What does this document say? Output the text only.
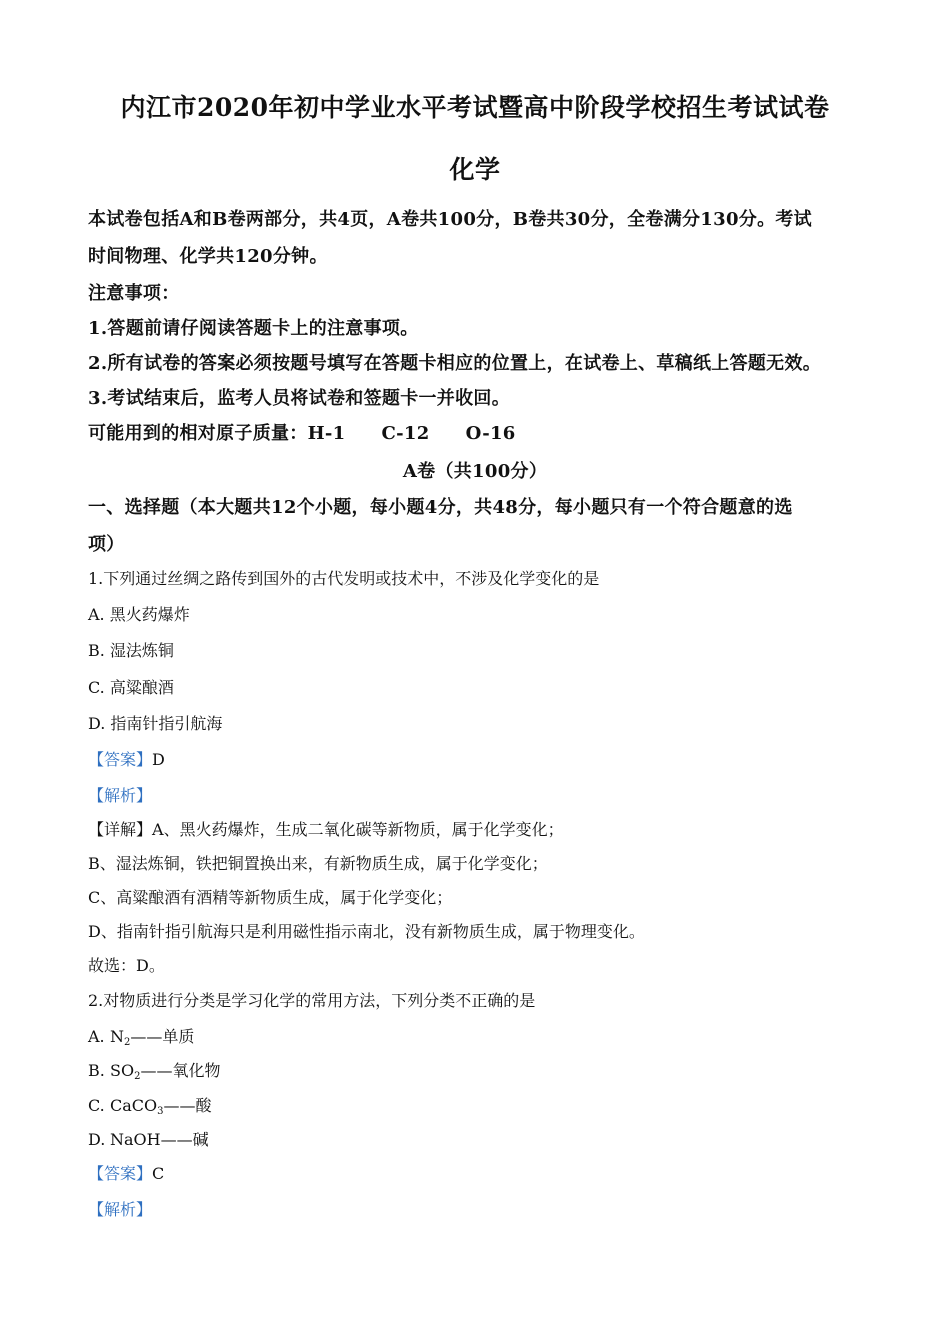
内江市2020年初中学业水平考试暨高中阶段学校招生考试试卷
化学
本试卷包括A和B卷两部分，共4页，A卷共100分，B卷共30分，全卷满分130分。考试
时间物理、化学共120分钟。
注意事项：
1.答题前请仔阅读答题卡上的注意事项。
2.所有试卷的答案必须按题号填写在答题卡相应的位置上，在试卷上、草稿纸上答题无效。
3.考试结束后，监考人员将试卷和签题卡一并收回。
可能用到的相对原子质量：H-1 C-12 O-16
A卷（共100分）
一、选择题（本大题共12个小题，每小题4分，共48分，每小题只有一个符合题意的选
项）
1.下列通过丝绸之路传到国外的古代发明或技术中，不涉及化学变化的是
A. 黑火药爆炸
B. 湿法炼铜
C. 高粱酿酒
D. 指南针指引航海
【答案】D
【解析】
【详解】A、黑火药爆炸，生成二氧化碳等新物质，属于化学变化；
B、湿法炼铜，铁把铜置换出来，有新物质生成，属于化学变化；
C、高粱酿酒有酒精等新物质生成，属于化学变化；
D、指南针指引航海只是利用磁性指示南北，没有新物质生成，属于物理变化。
故选：D。
2.对物质进行分类是学习化学的常用方法，下列分类不正确的是
A. $N_2——$单质
B. $SO_2——$氧化物
C. CaCO$_3$——酸
D. NaOH——碱
【答案】C
【解析】
